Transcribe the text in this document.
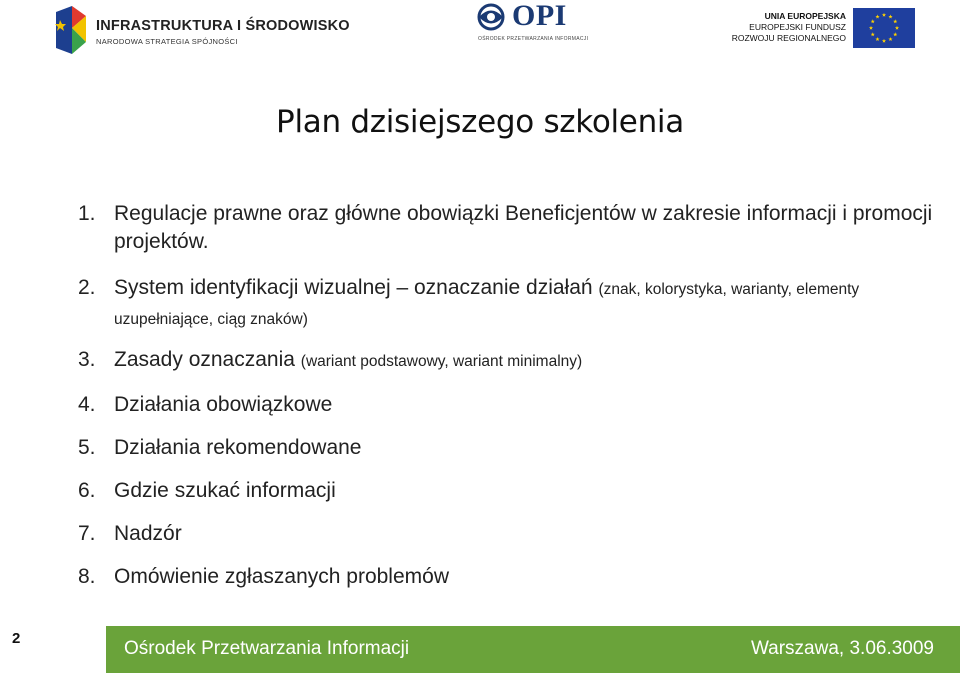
INFRASTRUKTURA I ŚRODOWISKO
NARODOWA STRATEGIA SPÓJNOŚCI
OPI
OŚRODEK PRZETWARZANIA INFORMACJI
UNIA EUROPEJSKA
EUROPEJSKI FUNDUSZ
ROZWOJU REGIONALNEGO
Plan dzisiejszego szkolenia
1. Regulacje prawne oraz główne obowiązki Beneficjentów w zakresie informacji i promocji projektów.
2. System identyfikacji wizualnej – oznaczanie działań (znak, kolorystyka, warianty, elementy uzupełniające, ciąg znaków)
3. Zasady oznaczania (wariant podstawowy, wariant minimalny)
4. Działania obowiązkowe
5. Działania rekomendowane
6. Gdzie szukać informacji
7. Nadzór
8. Omówienie zgłaszanych problemów
2	Ośrodek Przetwarzania Informacji	Warszawa, 3.06.3009
